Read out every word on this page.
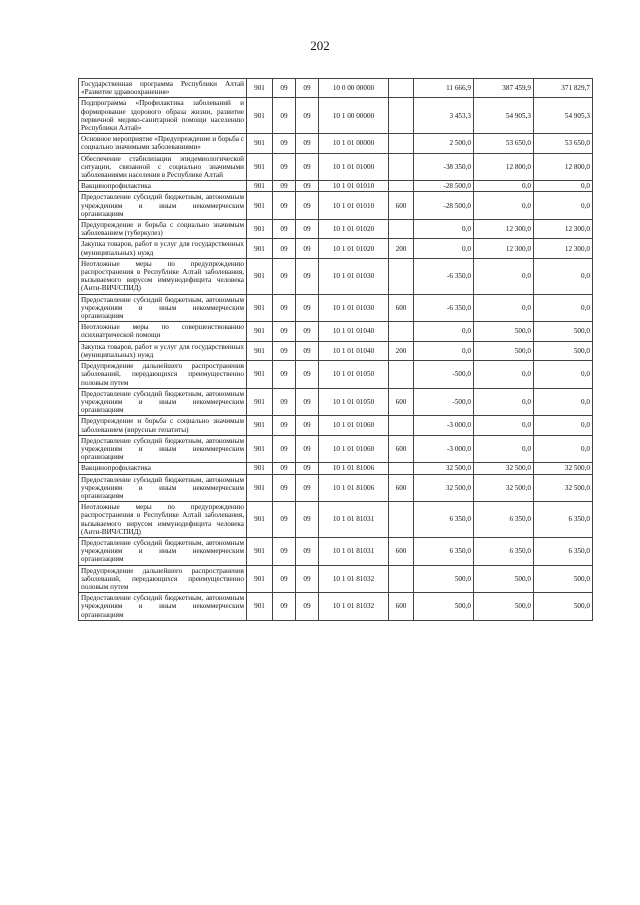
202
Государственная программа Республики Алтай «Развитие здравоохранения»	901	09	09	10 0 00 00000		11 666,9	387 459,9	371 829,7
Подпрограмма «Профилактика заболеваний и формирование здорового образа жизни, развитие первичной медико-санитарной помощи населению Республики Алтай»	901	09	09	10 1 00 00000		3 453,3	54 905,3	54 905,3
Основное мероприятие «Предупреждение и борьба с социально значимыми заболеваниями»	901	09	09	10 1 01 00000		2 500,0	53 650,0	53 650,0
Обеспечение стабилизации эпидемиологической ситуации, связанной с социально значимыми заболеваниями населения в Республике Алтай	901	09	09	10 1 01 01000		-38 350,0	12 800,0	12 800,0
Вакцинопрофилактика	901	09	09	10 1 01 01010		-28 500,0	0,0	0,0
Предоставление субсидий бюджетным, автономным учреждениям и иным некоммерческим организациям	901	09	09	10 1 01 01010	600	-28 500,0	0,0	0,0
Предупреждение и борьба с социально значимым заболеванием (туберкулез)	901	09	09	10 1 01 01020		0,0	12 300,0	12 300,0
Закупка товаров, работ и услуг для государственных (муниципальных) нужд	901	09	09	10 1 01 01020	200	0,0	12 300,0	12 300,0
Неотложные меры по предупреждению распространения в Республике Алтай заболевания, вызываемого вирусом иммунодефицита человека (Анти-ВИЧ/СПИД)	901	09	09	10 1 01 01030		-6 350,0	0,0	0,0
Предоставление субсидий бюджетным, автономным учреждениям и иным некоммерческим организациям	901	09	09	10 1 01 01030	600	-6 350,0	0,0	0,0
Неотложные меры по совершенствованию психиатрической помощи	901	09	09	10 1 01 01040		0,0	500,0	500,0
Закупка товаров, работ и услуг для государственных (муниципальных) нужд	901	09	09	10 1 01 01040	200	0,0	500,0	500,0
Предупреждение дальнейшего распространения заболеваний, передающихся преимущественно половым путем	901	09	09	10 1 01 01050		-500,0	0,0	0,0
Предоставление субсидий бюджетным, автономным учреждениям и иным некоммерческим организациям	901	09	09	10 1 01 01050	600	-500,0	0,0	0,0
Предупреждение и борьба с социально значимым заболеванием (вирусные гепатиты)	901	09	09	10 1 01 01060		-3 000,0	0,0	0,0
Предоставление субсидий бюджетным, автономным учреждениям и иным некоммерческим организациям	901	09	09	10 1 01 01060	600	-3 000,0	0,0	0,0
Вакцинопрофилактика	901	09	09	10 1 01 81006		32 500,0	32 500,0	32 500,0
Предоставление субсидий бюджетным, автономным учреждениям и иным некоммерческим организациям	901	09	09	10 1 01 81006	600	32 500,0	32 500,0	32 500,0
Неотложные меры по предупреждению распространения в Республике Алтай заболевания, вызываемого вирусом иммунодефицита человека (Анти-ВИЧ/СПИД)	901	09	09	10 1 01 81031		6 350,0	6 350,0	6 350,0
Предоставление субсидий бюджетным, автономным учреждениям и иным некоммерческим организациям	901	09	09	10 1 01 81031	600	6 350,0	6 350,0	6 350,0
Предупреждение дальнейшего распространения заболеваний, передающихся преимущественно половым путем	901	09	09	10 1 01 81032		500,0	500,0	500,0
Предоставление субсидий бюджетным, автономным учреждениям и иным некоммерческим организациям	901	09	09	10 1 01 81032	600	500,0	500,0	500,0
